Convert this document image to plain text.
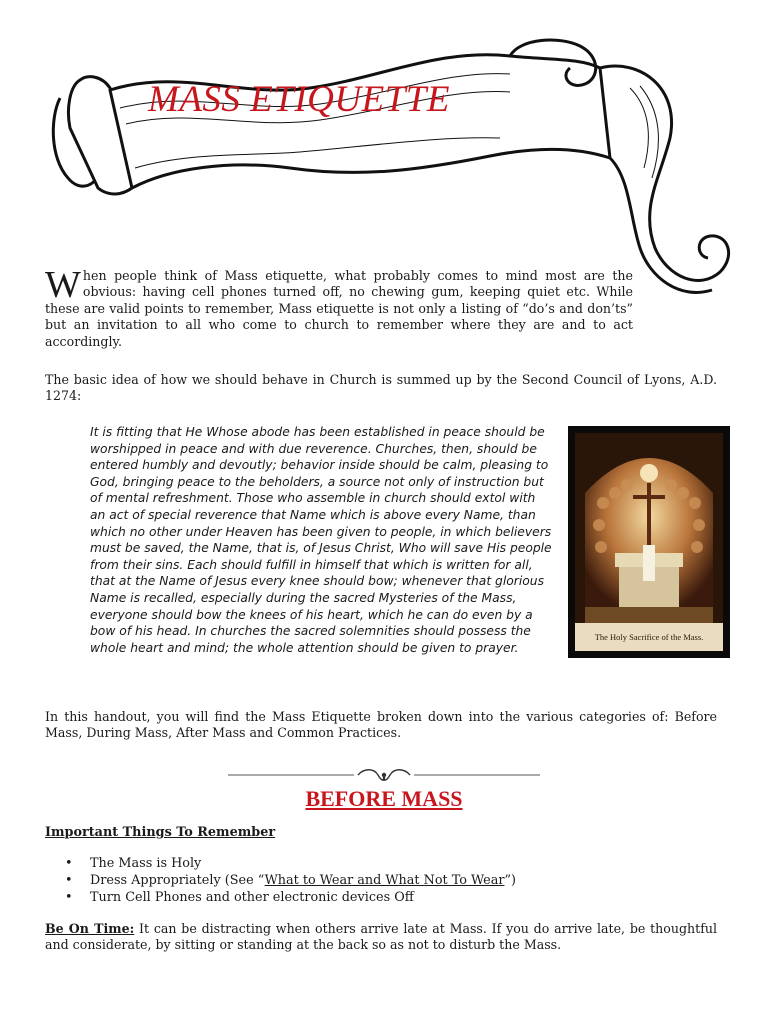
MASS ETIQUETTE
When people think of Mass etiquette, what probably comes to mind most are the obvious: having cell phones turned off, no chewing gum, keeping quiet etc. While these are valid points to remember, Mass etiquette is not only a listing of “do’s and don’ts” but an invitation to all who come to church to remember where they are and to act accordingly.
The basic idea of how we should behave in Church is summed up by the Second Council of Lyons, A.D. 1274:
It is fitting that He Whose abode has been established in peace should be worshipped in peace and with due reverence. Churches, then, should be entered humbly and devoutly; behavior inside should be calm, pleasing to God, bringing peace to the beholders, a source not only of instruction but of mental refreshment. Those who assemble in church should extol with an act of special reverence that Name which is above every Name, than which no other under Heaven has been given to people, in which believers must be saved, the Name, that is, of Jesus Christ, Who will save His people from their sins. Each should fulfill in himself that which is written for all, that at the Name of Jesus every knee should bow; whenever that glorious Name is recalled, especially during the sacred Mysteries of the Mass, everyone should bow the knees of his heart, which he can do even by a bow of his head. In churches the sacred solemnities should possess the whole heart and mind; the whole attention should be given to prayer.
The Holy Sacrifice of the Mass.
In this handout, you will find the Mass Etiquette broken down into the various categories of: Before Mass, During Mass, After Mass and Common Practices.
BEFORE MASS
Important Things To Remember
• The Mass is Holy
• Dress Appropriately (See “What to Wear and What Not To Wear”)
• Turn Cell Phones and other electronic devices Off
Be On Time: It can be distracting when others arrive late at Mass. If you do arrive late, be thoughtful and considerate, by sitting or standing at the back so as not to disturb the Mass.
